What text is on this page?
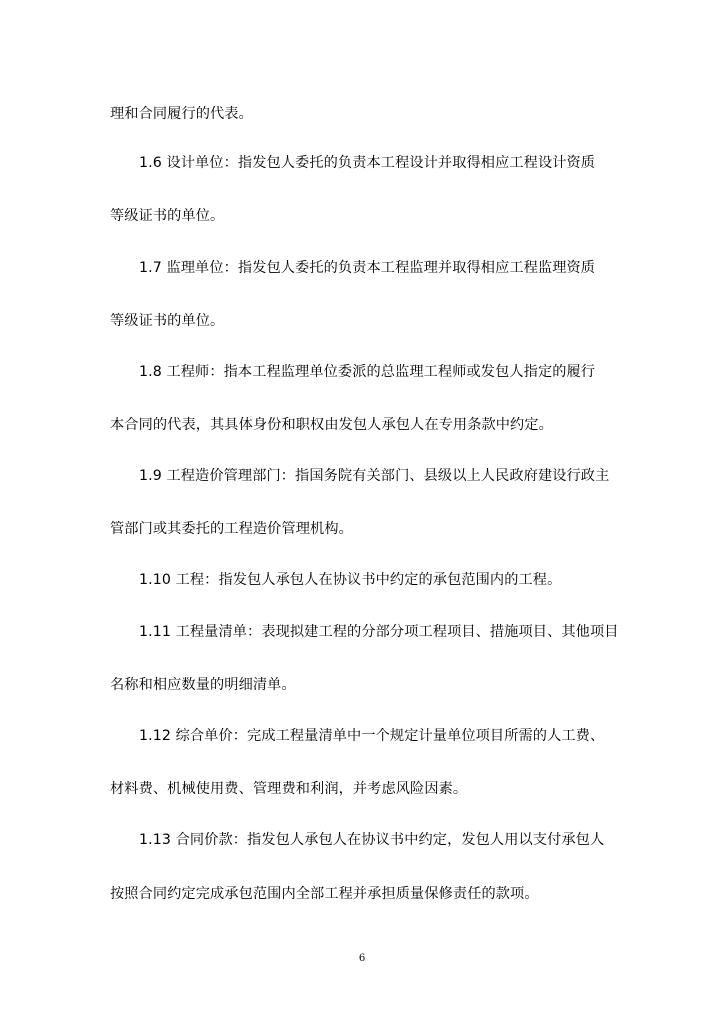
理和合同履行的代表。
1.6 设计单位：指发包人委托的负责本工程设计并取得相应工程设计资质
等级证书的单位。
1.7 监理单位：指发包人委托的负责本工程监理并取得相应工程监理资质
等级证书的单位。
1.8 工程师：指本工程监理单位委派的总监理工程师或发包人指定的履行
本合同的代表，其具体身份和职权由发包人承包人在专用条款中约定。
1.9 工程造价管理部门：指国务院有关部门、县级以上人民政府建设行政主
管部门或其委托的工程造价管理机构。
1.10 工程：指发包人承包人在协议书中约定的承包范围内的工程。
1.11 工程量清单：表现拟建工程的分部分项工程项目、措施项目、其他项目
名称和相应数量的明细清单。
1.12 综合单价：完成工程量清单中一个规定计量单位项目所需的人工费、
材料费、机械使用费、管理费和利润，并考虑风险因素。
1.13 合同价款：指发包人承包人在协议书中约定，发包人用以支付承包人
按照合同约定完成承包范围内全部工程并承担质量保修责任的款项。
6
